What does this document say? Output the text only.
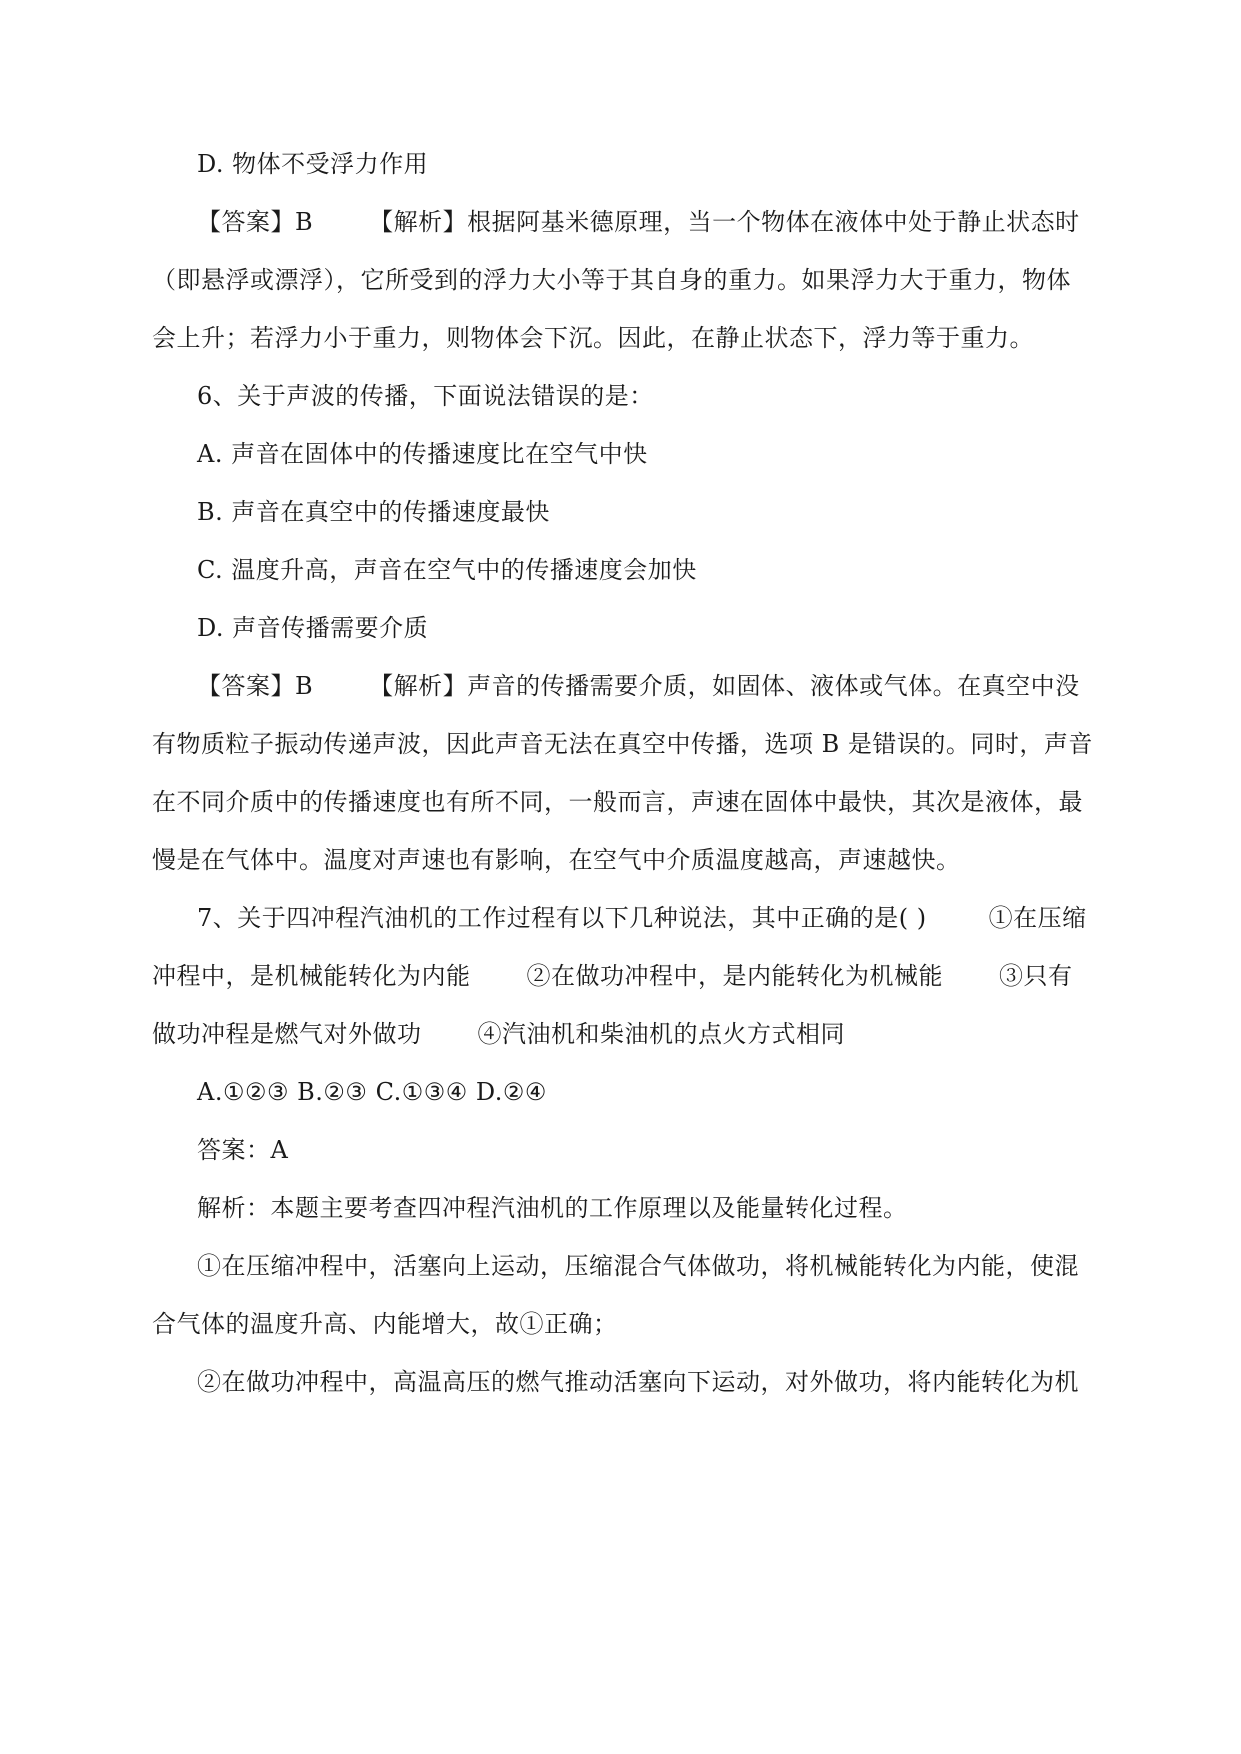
D. 物体不受浮力作用
【答案】B 【解析】根据阿基米德原理，当一个物体在液体中处于静止状态时
（即悬浮或漂浮），它所受到的浮力大小等于其自身的重力。如果浮力大于重力，物体
会上升；若浮力小于重力，则物体会下沉。因此，在静止状态下，浮力等于重力。
6、关于声波的传播，下面说法错误的是：
A. 声音在固体中的传播速度比在空气中快
B. 声音在真空中的传播速度最快
C. 温度升高，声音在空气中的传播速度会加快
D. 声音传播需要介质
【答案】B 【解析】声音的传播需要介质，如固体、液体或气体。在真空中没
有物质粒子振动传递声波，因此声音无法在真空中传播，选项 B 是错误的。同时，声音
在不同介质中的传播速度也有所不同，一般而言，声速在固体中最快，其次是液体，最
慢是在气体中。温度对声速也有影响，在空气中介质温度越高，声速越快。
7、关于四冲程汽油机的工作过程有以下几种说法，其中正确的是( )	①在压缩
冲程中，是机械能转化为内能 ②在做功冲程中，是内能转化为机械能 ③只有
做功冲程是燃气对外做功 ④汽油机和柴油机的点火方式相同
A.①②③ B.②③ C.①③④ D.②④
答案：A
解析：本题主要考查四冲程汽油机的工作原理以及能量转化过程。
①在压缩冲程中，活塞向上运动，压缩混合气体做功，将机械能转化为内能，使混
合气体的温度升高、内能增大，故①正确；
②在做功冲程中，高温高压的燃气推动活塞向下运动，对外做功，将内能转化为机
